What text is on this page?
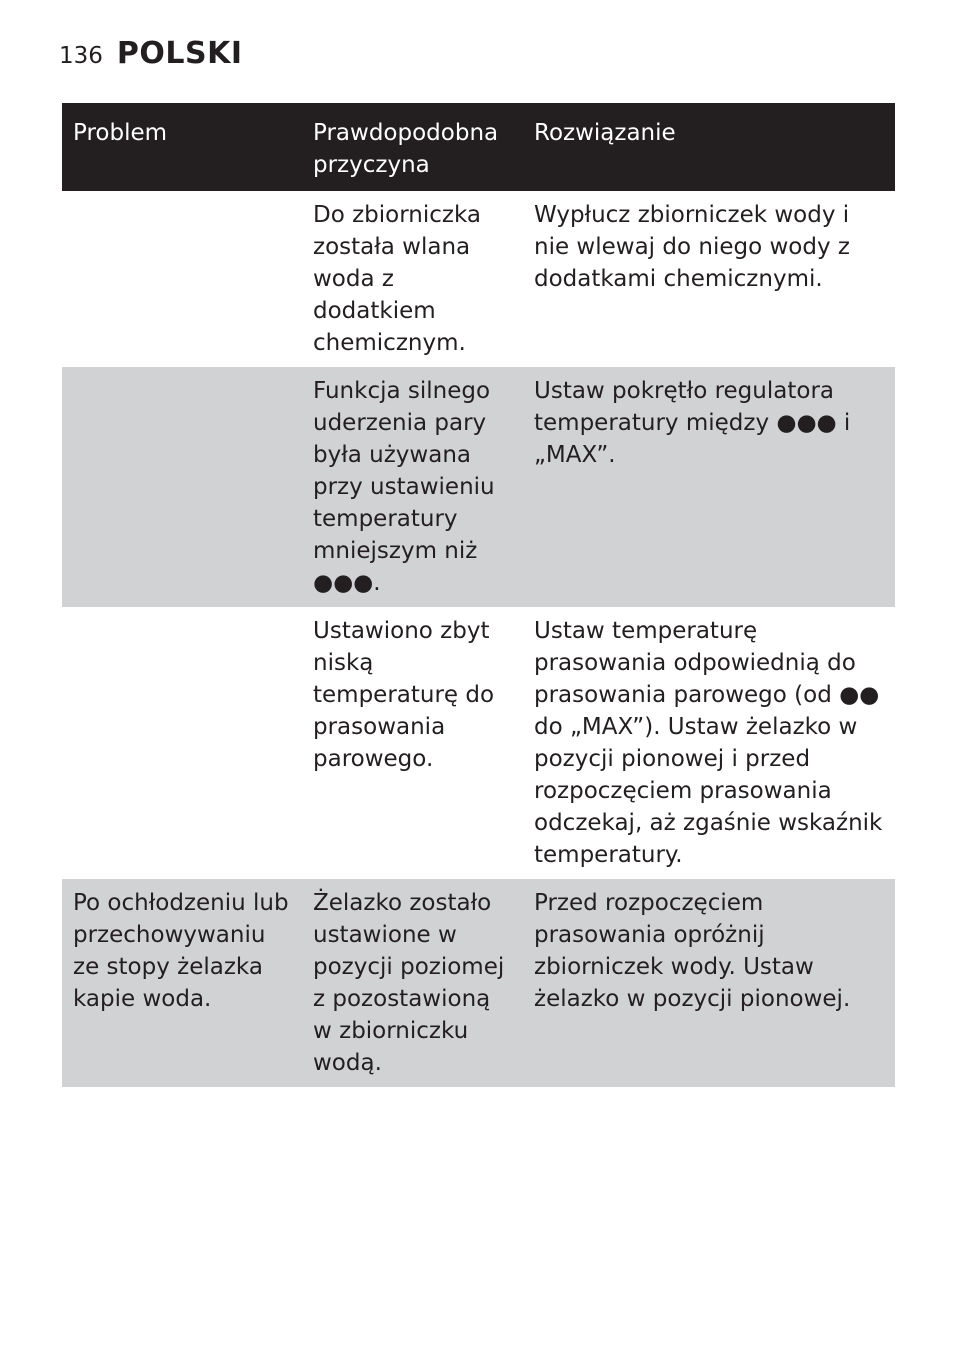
136 POLSKI
Problem	Prawdopodobna przyczyna	Rozwiązanie
	Do zbiorniczka została wlana woda z dodatkiem chemicznym.	Wypłucz zbiorniczek wody i nie wlewaj do niego wody z dodatkami chemicznymi.
	Funkcja silnego uderzenia pary była używana przy ustawieniu temperatury mniejszym niż ●●●.	Ustaw pokrętło regulatora temperatury między ●●● i „MAX”.
	Ustawiono zbyt niską temperaturę do prasowania parowego.	Ustaw temperaturę prasowania odpowiednią do prasowania parowego (od ●● do „MAX”). Ustaw żelazko w pozycji pionowej i przed rozpoczęciem prasowania odczekaj, aż zgaśnie wskaźnik temperatury.
Po ochłodzeniu lub przechowywaniu ze stopy żelazka kapie woda.	Żelazko zostało ustawione w pozycji poziomej z pozostawioną w zbiorniczku wodą.	Przed rozpoczęciem prasowania opróżnij zbiorniczek wody. Ustaw żelazko w pozycji pionowej.
